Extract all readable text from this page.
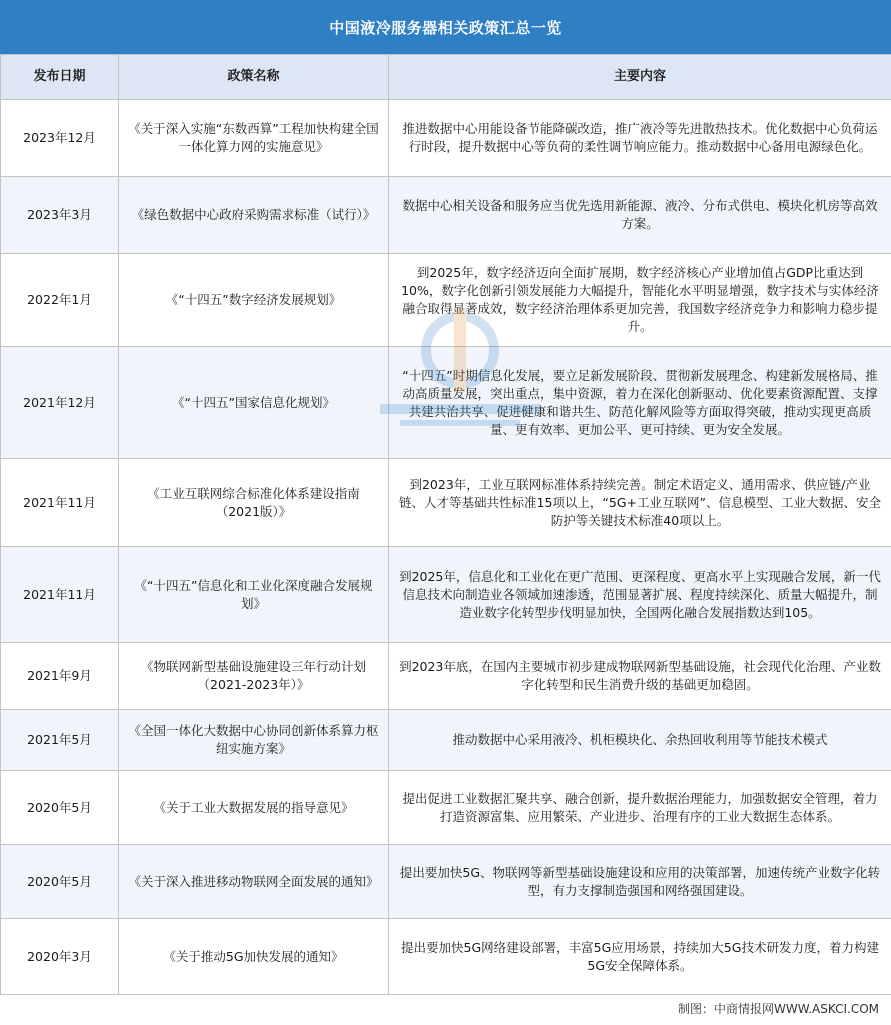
中国液冷服务器相关政策汇总一览
发布日期	政策名称	主要内容
2023年12月	《关于深入实施“东数西算”工程加快构建全国一体化算力网的实施意见》	推进数据中心用能设备节能降碳改造，推广液冷等先进散热技术。优化数据中心负荷运行时段，提升数据中心等负荷的柔性调节响应能力。推动数据中心备用电源绿色化。
2023年3月	《绿色数据中心政府采购需求标准（试行）》	数据中心相关设备和服务应当优先选用新能源、液冷、分布式供电、模块化机房等高效方案。
2022年1月	《“十四五”数字经济发展规划》	到2025年，数字经济迈向全面扩展期，数字经济核心产业增加值占GDP比重达到10%，数字化创新引领发展能力大幅提升，智能化水平明显增强，数字技术与实体经济融合取得显著成效，数字经济治理体系更加完善，我国数字经济竞争力和影响力稳步提升。
2021年12月	《“十四五”国家信息化规划》	“十四五”时期信息化发展，要立足新发展阶段、贯彻新发展理念、构建新发展格局、推动高质量发展，突出重点，集中资源，着力在深化创新驱动、优化要素资源配置、支撑共建共治共享、促进健康和谐共生、防范化解风险等方面取得突破，推动实现更高质量、更有效率、更加公平、更可持续、更为安全发展。
2021年11月	《工业互联网综合标准化体系建设指南（2021版）》	到2023年，工业互联网标准体系持续完善。制定术语定义、通用需求、供应链/产业链、人才等基础共性标准15项以上，“5G+工业互联网”、信息模型、工业大数据、安全防护等关键技术标准40项以上。
2021年11月	《“十四五”信息化和工业化深度融合发展规划》	到2025年，信息化和工业化在更广范围、更深程度、更高水平上实现融合发展，新一代信息技术向制造业各领域加速渗透，范围显著扩展、程度持续深化、质量大幅提升，制造业数字化转型步伐明显加快，全国两化融合发展指数达到105。
2021年9月	《物联网新型基础设施建设三年行动计划（2021-2023年）》	到2023年底，在国内主要城市初步建成物联网新型基础设施，社会现代化治理、产业数字化转型和民生消费升级的基础更加稳固。
2021年5月	《全国一体化大数据中心协同创新体系算力枢纽实施方案》	推动数据中心采用液冷、机柜模块化、余热回收利用等节能技术模式
2020年5月	《关于工业大数据发展的指导意见》	提出促进工业数据汇聚共享、融合创新，提升数据治理能力，加强数据安全管理，着力打造资源富集、应用繁荣、产业进步、治理有序的工业大数据生态体系。
2020年5月	《关于深入推进移动物联网全面发展的通知》	提出要加快5G、物联网等新型基础设施建设和应用的决策部署，加速传统产业数字化转型，有力支撑制造强国和网络强国建设。
2020年3月	《关于推动5G加快发展的通知》	提出要加快5G网络建设部署，丰富5G应用场景，持续加大5G技术研发力度，着力构建5G安全保障体系。
制图：中商情报网WWW.ASKCI.COM
